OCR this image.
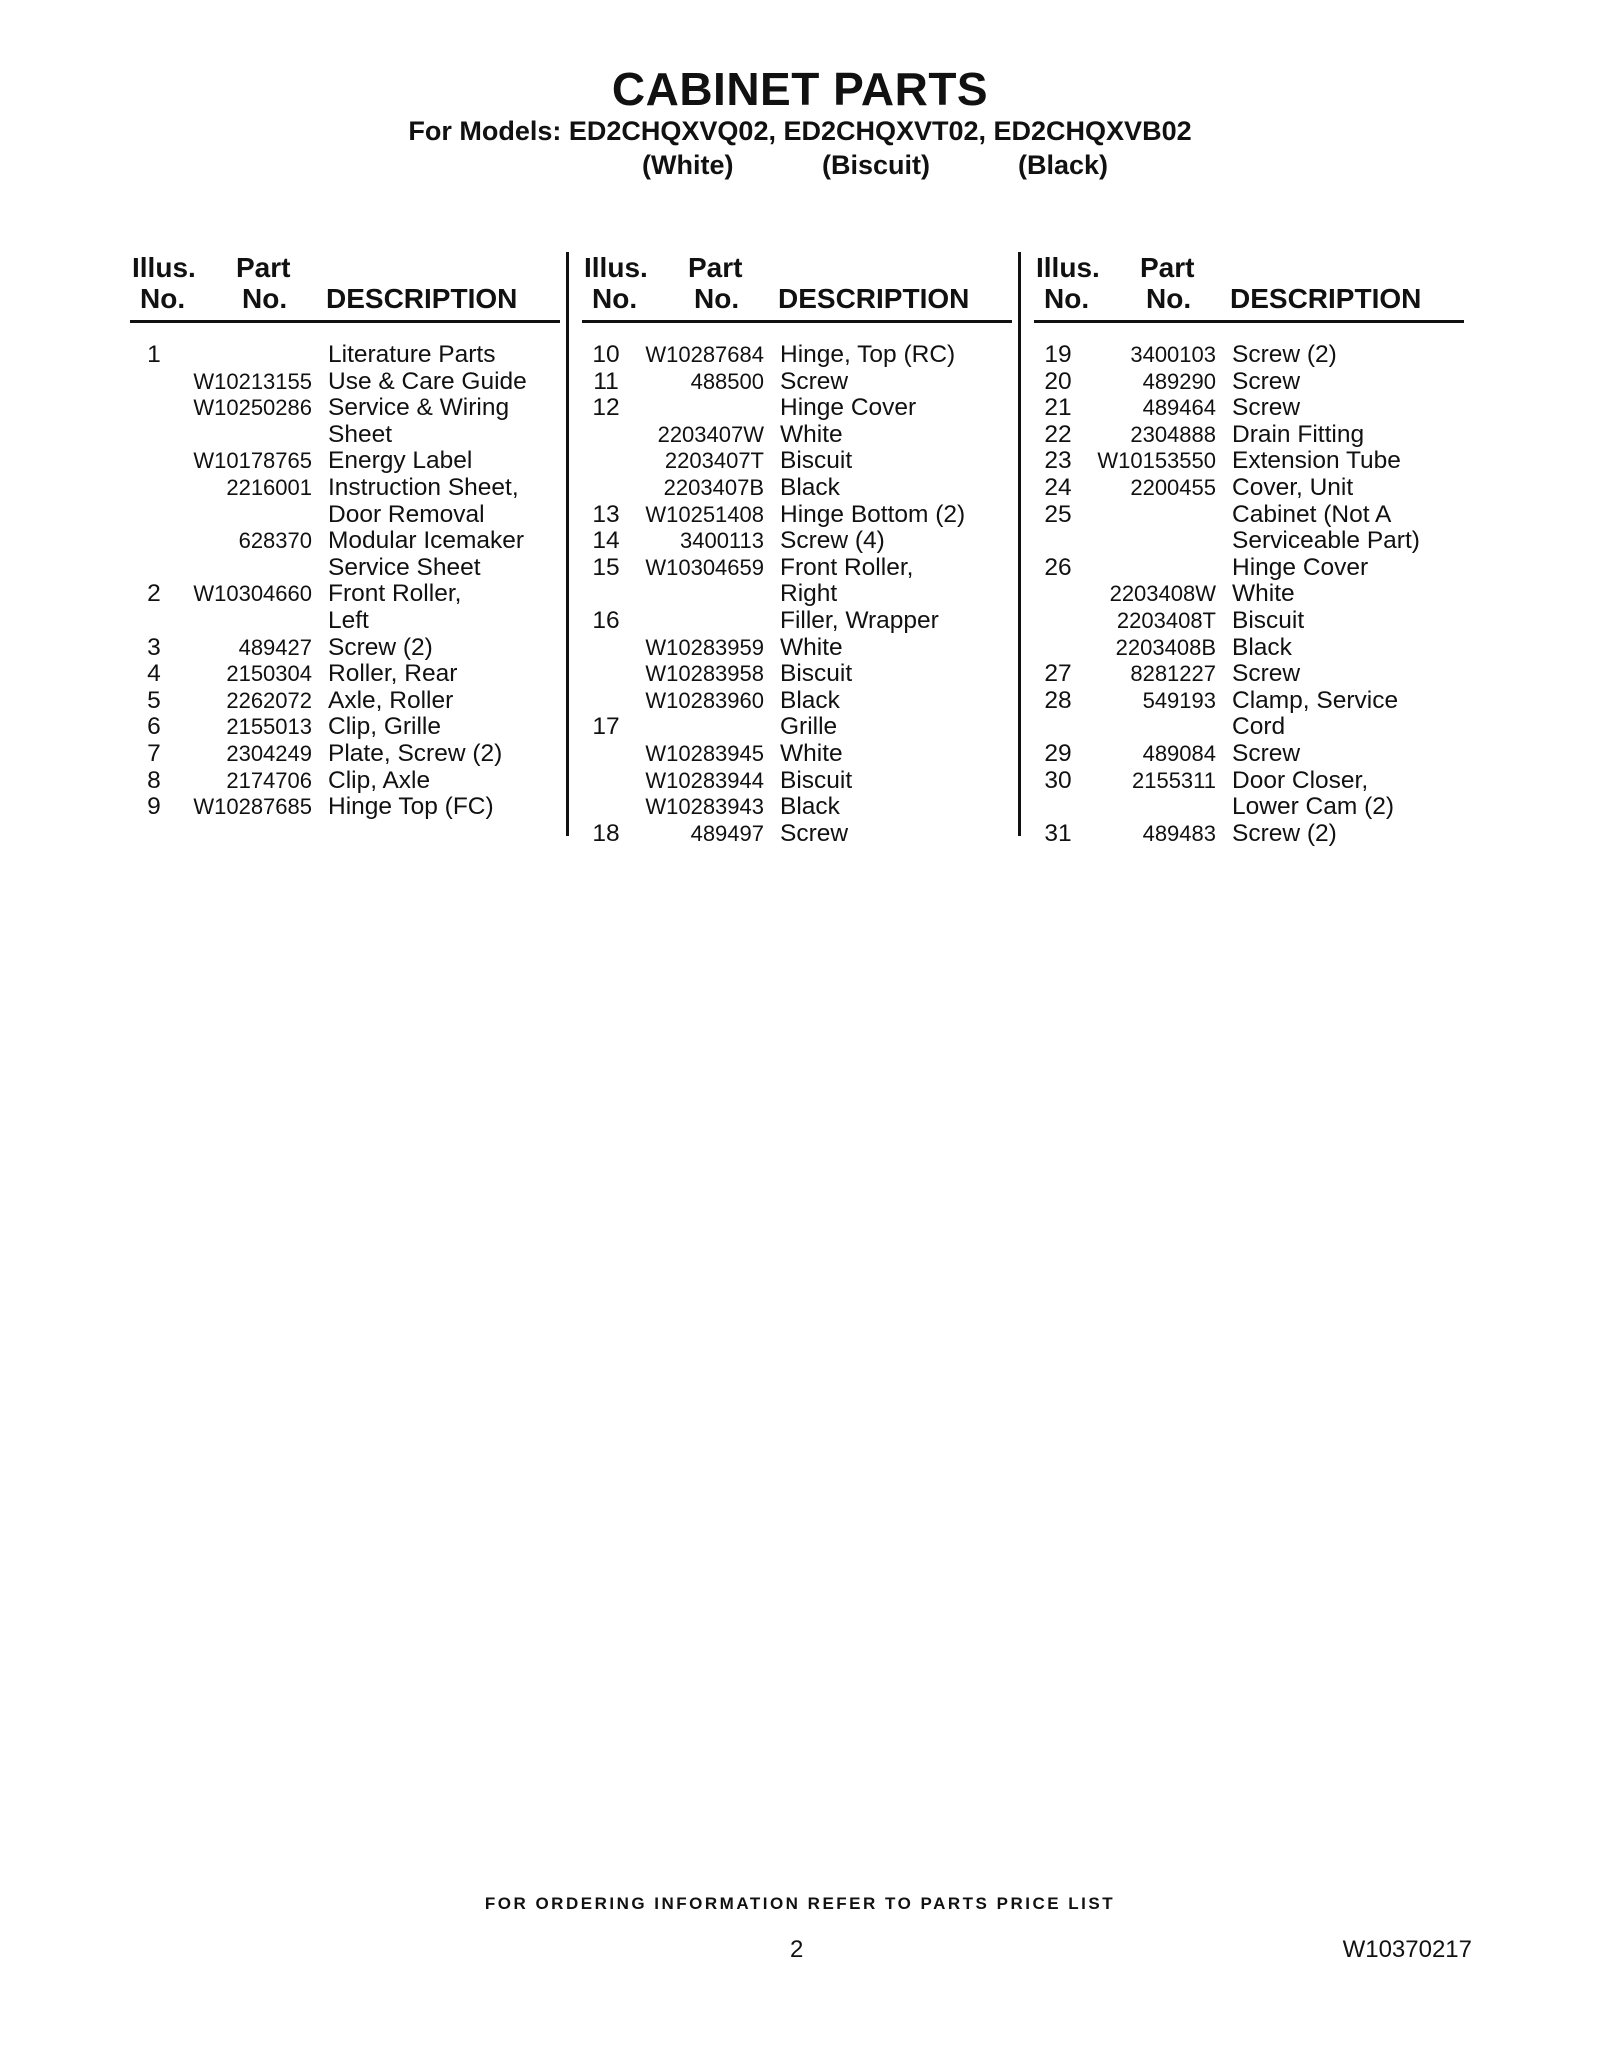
CABINET PARTS
For Models: ED2CHQXVQ02, ED2CHQXVT02, ED2CHQXVB02
(White)	(Biscuit)	(Black)
Illus.
No.
Part
No. DESCRIPTION
1	Literature Parts
W10213155 Use & Care Guide
W10250286 Service & Wiring
Sheet
W10178765 Energy Label
2216001 Instruction Sheet,
Door Removal
628370 Modular Icemaker
Service Sheet
2	W10304660 Front Roller,
Left
3	489427 Screw (2)
4	2150304 Roller, Rear
5	2262072 Axle, Roller
6	2155013 Clip, Grille
7	2304249 Plate, Screw (2)
8	2174706 Clip, Axle
9	W10287685 Hinge Top (FC)
Illus.
No.
Part
No. DESCRIPTION
10	W10287684 Hinge, Top (RC)
11	488500 Screw
12	Hinge Cover
2203407W White
2203407T Biscuit
2203407B Black
13	W10251408 Hinge Bottom (2)
14	3400113 Screw (4)
15	W10304659 Front Roller,
Right
16	Filler, Wrapper
W10283959 White
W10283958 Biscuit
W10283960 Black
17	Grille
W10283945 White
W10283944 Biscuit
W10283943 Black
18	489497 Screw
Illus.
No.
Part
No. DESCRIPTION
19	3400103 Screw (2)
20	489290 Screw
21	489464 Screw
22	2304888 Drain Fitting
23	W10153550 Extension Tube
24	2200455 Cover, Unit
25	Cabinet (Not A
Serviceable Part)
26	Hinge Cover
2203408W White
2203408T Biscuit
2203408B Black
27	8281227 Screw
28	549193 Clamp, Service
Cord
29	489084 Screw
30	2155311 Door Closer,
Lower Cam (2)
31	489483 Screw (2)
FOR ORDERING INFORMATION REFER TO PARTS PRICE LIST
2	W10370217
